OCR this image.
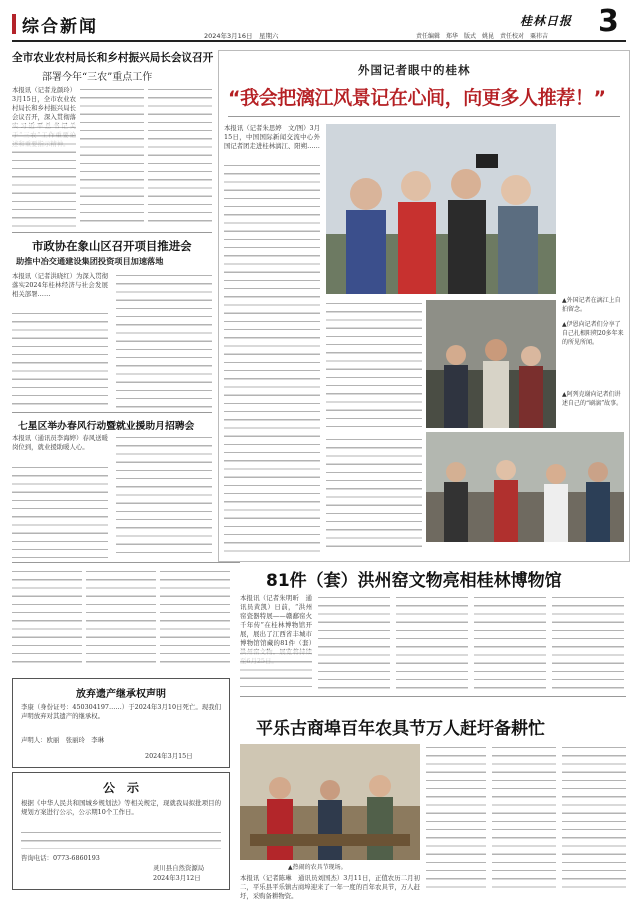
综合新闻	2024年3月16日　星期六	责任编辑　郑华　版式　姚昆　责任校对　粟祎吉
桂林日报 3
全市农业农村局长和乡村振兴局长会议召开
部署今年“三农”重点工作
本报讯（记者龙颜玲）3月15日，全市农业农村局长和乡村振兴局长会议召开，深入贯彻落
市政协在象山区召开项目推进会
助推中冶交通建设集团投资项目加速落地
本报讯（记者洪晓红）为深入贯彻落实2024年桂林经济与社会发展相关部署……
七星区举办春风行动暨就业援助月招聘会
本报讯（通讯员李海婷）春风送暖岗位到，就业援助暖人心。
放弃遗产继承权声明
李康（身份证号：450304197……）于2024年3月10日死亡。现我们声明放弃对其遗产的继承权。
声明人：欧丽　张丽玲　李琳
2024年3月15日
公　示
根据《中华人民共和国城乡规划法》等相关规定，现就我局拟批项目的规划方案进行公示，公示期10个工作日。
咨询电话：0773-6860193
灵川县自然资源局
2024年3月12日
外国记者眼中的桂林
“我会把漓江风景记在心间，向更多人推荐！”
本报讯（记者朱思婷　文/图）3月15日，中国国际新闻交流中心外国记者团走进桂林漓江、阳朔……
▲外国记者在漓江上自拍留念。
▲伊恩向记者们分享了自己扎根阳朔20多年来的所见所闻。
▲阿列克谢向记者们讲述自己的“刷漓”故事。
81件（套）洪州窑文物亮相桂林博物馆
本报讯（记者朱明昕　通讯员黄凯）日前，“洪州窑瓷器特展——赣鄱窑火千年传”在桂林博物馆开展，展出了江西省丰城市博物馆馆藏的81件（套）
平乐古商埠百年农具节万人赶圩备耕忙
▲热闹的农具节现场。
本报讯（记者陈琳　通讯员刘国杰）3月11日，正值农历二月初二，平乐县平乐镇古商埠迎来了一年一度的百年农具节，万人赶圩，采购备耕物资。
